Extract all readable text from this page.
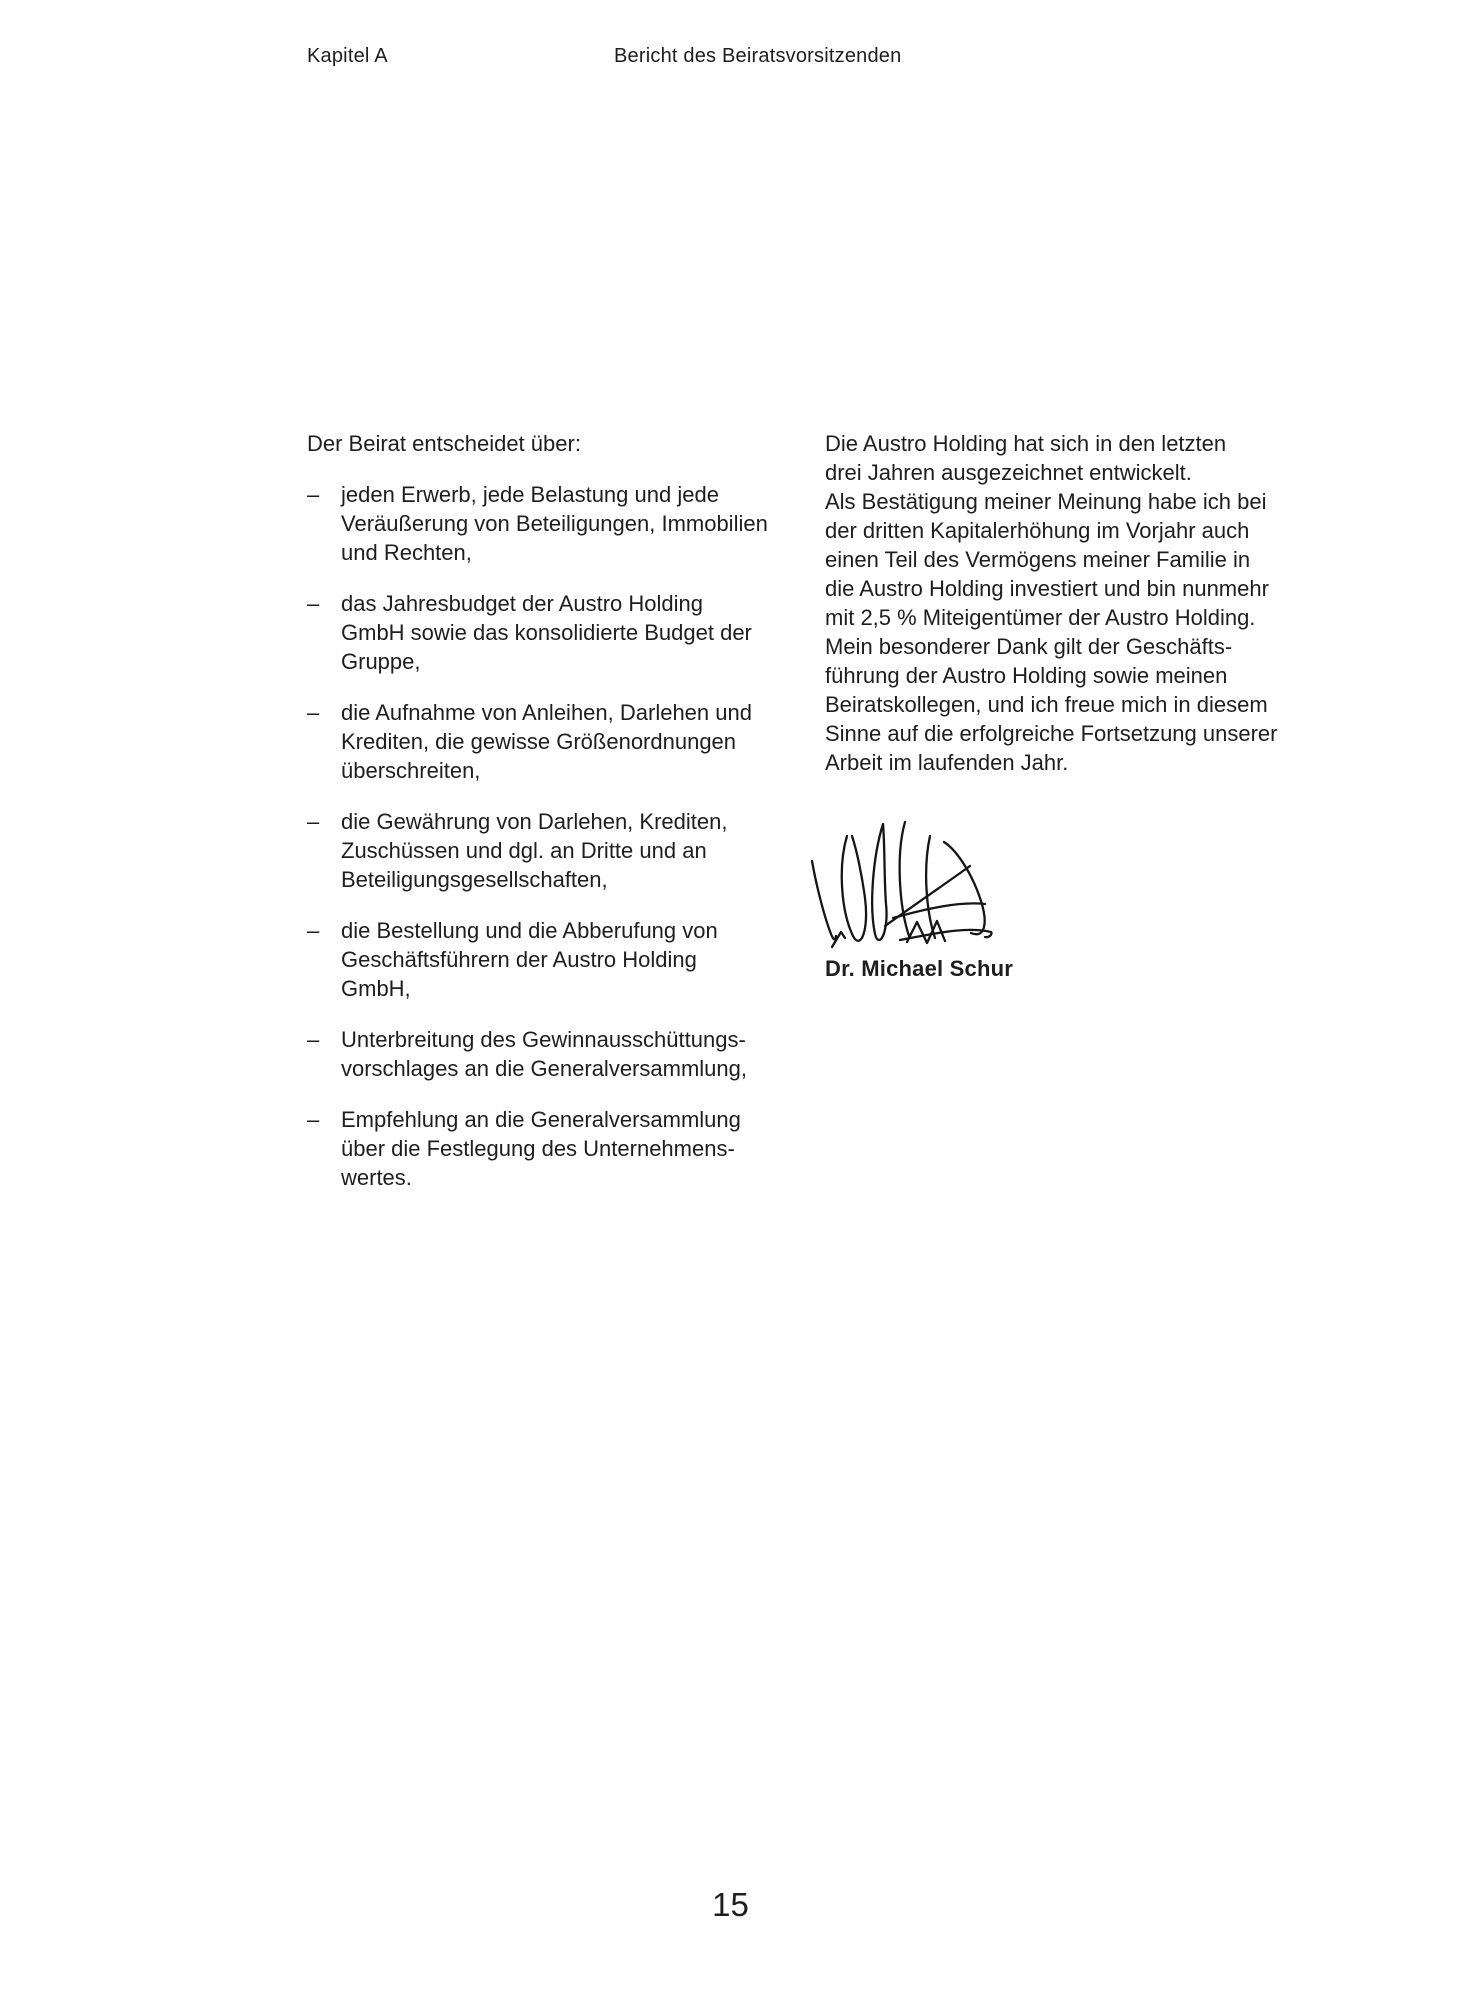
Kapitel A	Bericht des Beiratsvorsitzenden
Der Beirat entscheidet über:
– jeden Erwerb, jede Belastung und jede
Veräußerung von Beteiligungen, Immobilien
und Rechten,
– das Jahresbudget der Austro Holding
GmbH sowie das konsolidierte Budget der
Gruppe,
– die Aufnahme von Anleihen, Darlehen und
Krediten, die gewisse Größenordnungen
überschreiten,
– die Gewährung von Darlehen, Krediten,
Zuschüssen und dgl. an Dritte und an
Beteiligungsgesellschaften,
– die Bestellung und die Abberufung von
Geschäftsführern der Austro Holding
GmbH,
– Unterbreitung des Gewinnausschüttungs-
vorschlages an die Generalversammlung,
– Empfehlung an die Generalversammlung
über die Festlegung des Unternehmens-
wertes.
Die Austro Holding hat sich in den letzten
drei Jahren ausgezeichnet entwickelt.
Als Bestätigung meiner Meinung habe ich bei
der dritten Kapitalerhöhung im Vorjahr auch
einen Teil des Vermögens meiner Familie in
die Austro Holding investiert und bin nunmehr
mit 2,5 % Miteigentümer der Austro Holding.
Mein besonderer Dank gilt der Geschäfts-
führung der Austro Holding sowie meinen
Beiratskollegen, und ich freue mich in diesem
Sinne auf die erfolgreiche Fortsetzung unserer
Arbeit im laufenden Jahr.
Dr. Michael Schur
15
